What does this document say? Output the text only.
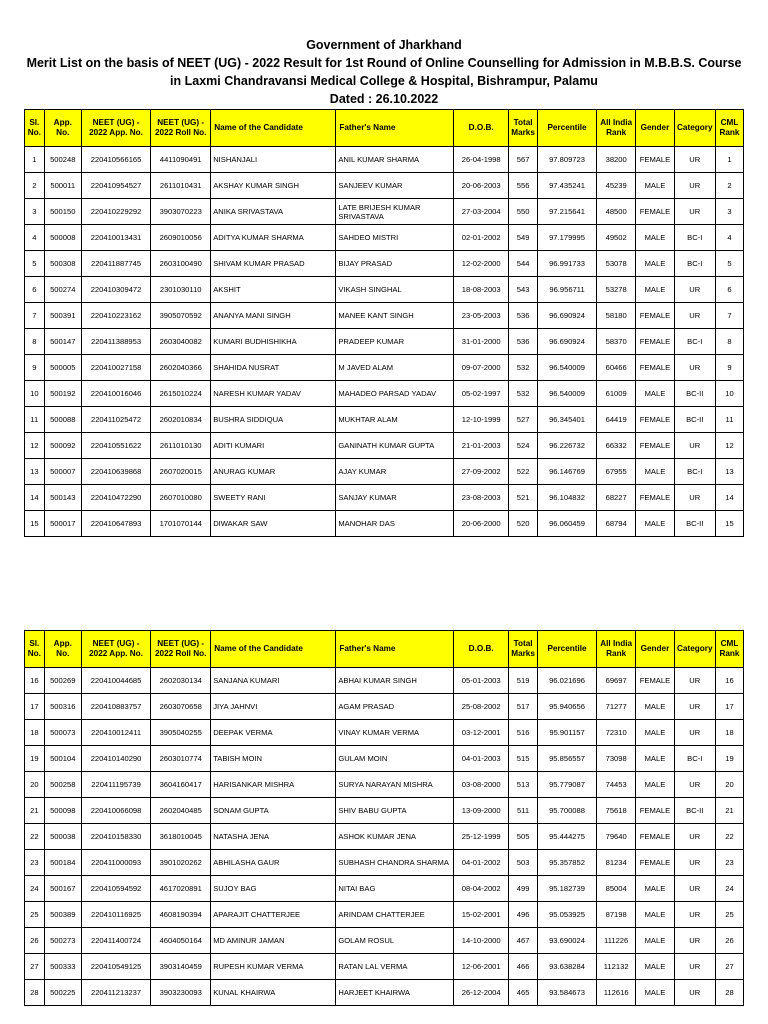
Government of Jharkhand
Merit List on the basis of NEET (UG) - 2022 Result for 1st Round of Online Counselling for Admission in M.B.B.S. Course
in Laxmi Chandravansi Medical College & Hospital, Bishrampur, Palamu
Dated : 26.10.2022
Sl. No.	App. No.	NEET (UG) - 2022 App. No.	NEET (UG) - 2022 Roll No.	Name of the Candidate	Father's Name	D.O.B.	Total Marks	Percentile	All India Rank	Gender	Category	CML Rank
1	500248	220410566165	4411090491	NISHANJALI	ANIL KUMAR SHARMA	26-04-1998	567	97.809723	38200	FEMALE	UR	1
2	500011	220410954527	2611010431	AKSHAY KUMAR SINGH	SANJEEV KUMAR	20-06-2003	556	97.435241	45239	MALE	UR	2
3	500150	220410229292	3903070223	ANIKA SRIVASTAVA	LATE BRIJESH KUMAR SRIVASTAVA	27-03-2004	550	97.215641	48500	FEMALE	UR	3
4	500008	220410013431	2609010056	ADITYA KUMAR SHARMA	SAHDEO MISTRI	02-01-2002	549	97.179995	49502	MALE	BC-I	4
5	500308	220411887745	2603100490	SHIVAM KUMAR PRASAD	BIJAY PRASAD	12-02-2000	544	96.991733	53078	MALE	BC-I	5
6	500274	220410309472	2301030110	AKSHIT	VIKASH SINGHAL	18-08-2003	543	96.956711	53278	MALE	UR	6
7	500391	220410223162	3905070592	ANANYA MANI SINGH	MANEE KANT SINGH	23-05-2003	536	96.690924	58180	FEMALE	UR	7
8	500147	220411388953	2603040082	KUMARI BUDHISHIKHA	PRADEEP KUMAR	31-01-2000	536	96.690924	58370	FEMALE	BC-I	8
9	500005	220410027158	2602040366	SHAHIDA NUSRAT	M JAVED ALAM	09-07-2000	532	96.540009	60466	FEMALE	UR	9
10	500192	220410016046	2615010224	NARESH KUMAR YADAV	MAHADEO PARSAD YADAV	05-02-1997	532	96.540009	61009	MALE	BC-II	10
11	500088	220411025472	2602010834	BUSHRA SIDDIQUA	MUKHTAR ALAM	12-10-1999	527	96.345401	64419	FEMALE	BC-II	11
12	500092	220410551622	2611010130	ADITI KUMARI	GANINATH KUMAR GUPTA	21-01-2003	524	96.226732	66332	FEMALE	UR	12
13	500007	220410639868	2607020015	ANURAG KUMAR	AJAY KUMAR	27-09-2002	522	96.146769	67955	MALE	BC-I	13
14	500143	220410472290	2607010080	SWEETY RANI	SANJAY KUMAR	23-08-2003	521	96.104832	68227	FEMALE	UR	14
15	500017	220410647893	1701070144	DIWAKAR SAW	MANOHAR DAS	20-06-2000	520	96.060459	68794	MALE	BC-II	15
Sl. No.	App. No.	NEET (UG) - 2022 App. No.	NEET (UG) - 2022 Roll No.	Name of the Candidate	Father's Name	D.O.B.	Total Marks	Percentile	All India Rank	Gender	Category	CML Rank
16	500269	220410044685	2602030134	SANJANA KUMARI	ABHAI KUMAR SINGH	05-01-2003	519	96.021696	69697	FEMALE	UR	16
17	500316	220410883757	2603070658	JIYA JAHNVI	AGAM PRASAD	25-08-2002	517	95.940656	71277	MALE	UR	17
18	500073	220410012411	3905040255	DEEPAK VERMA	VINAY KUMAR VERMA	03-12-2001	516	95.901157	72310	MALE	UR	18
19	500104	220410140290	2603010774	TABISH MOIN	GULAM MOIN	04-01-2003	515	95.856557	73098	MALE	BC-I	19
20	500258	220411195739	3604160417	HARISANKAR MISHRA	SURYA NARAYAN MISHRA	03-08-2000	513	95.779087	74453	MALE	UR	20
21	500098	220410066098	2602040485	SONAM GUPTA	SHIV BABU GUPTA	13-09-2000	511	95.700088	75618	FEMALE	BC-II	21
22	500038	220410158330	3618010045	NATASHA JENA	ASHOK KUMAR JENA	25-12-1999	505	95.444275	79640	FEMALE	UR	22
23	500184	220411000093	3901020262	ABHILASHA GAUR	SUBHASH CHANDRA SHARMA	04-01-2002	503	95.357852	81234	FEMALE	UR	23
24	500167	220410594592	4617020891	SUJOY BAG	NITAI BAG	08-04-2002	499	95.182739	85004	MALE	UR	24
25	500389	220410116925	4608190394	APARAJIT CHATTERJEE	ARINDAM CHATTERJEE	15-02-2001	496	95.053925	87198	MALE	UR	25
26	500273	220411400724	4604050164	MD AMINUR JAMAN	GOLAM ROSUL	14-10-2000	467	93.690024	111226	MALE	UR	26
27	500333	220410549125	3903140459	RUPESH KUMAR VERMA	RATAN LAL VERMA	12-06-2001	466	93.638284	112132	MALE	UR	27
28	500225	220411213237	3903230093	KUNAL KHAIRWA	HARJEET KHAIRWA	26-12-2004	465	93.584673	112616	MALE	UR	28
